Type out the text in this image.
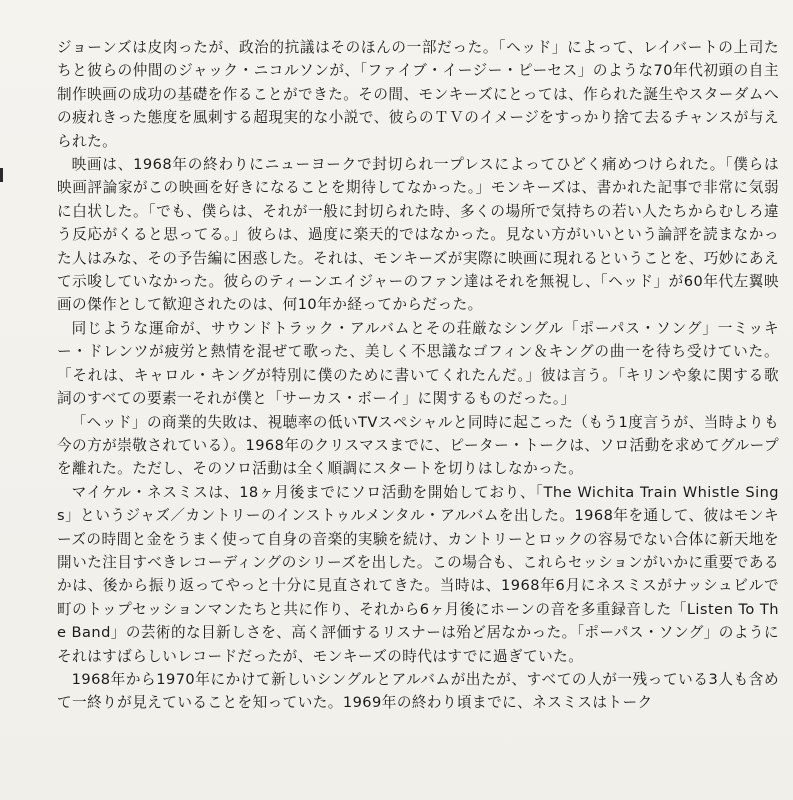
ジョーンズは皮肉ったが、政治的抗議はそのほんの一部だった。「ヘッド」によって、レイバートの上司たちと彼らの仲間のジャック・ニコルソンが、「ファイブ・イージー・ピーセス」のような70年代初頭の自主制作映画の成功の基礎を作ることができた。その間、モンキーズにとっては、作られた誕生やスターダムへの疲れきった態度を風刺する超現実的な小説で、彼らのＴＶのイメージをすっかり捨て去るチャンスが与えられた。

映画は、1968年の終わりにニューヨークで封切られ一プレスによってひどく痛めつけられた。「僕らは映画評論家がこの映画を好きになることを期待してなかった。」モンキーズは、書かれた記事で非常に気弱に白状した。「でも、僕らは、それが一般に封切られた時、多くの場所で気持ちの若い人たちからむしろ違う反応がくると思ってる。」彼らは、過度に楽天的ではなかった。見ない方がいいという論評を読まなかった人はみな、その予告編に困惑した。それは、モンキーズが実際に映画に現れるということを、巧妙にあえて示唆していなかった。彼らのティーンエイジャーのファン達はそれを無視し、「ヘッド」が60年代左翼映画の傑作として歓迎されたのは、何10年か経ってからだった。

同じような運命が、サウンドトラック・アルバムとその荘厳なシングル「ポーパス・ソング」一ミッキー・ドレンツが疲労と熱情を混ぜて歌った、美しく不思議なゴフィン＆キングの曲一を待ち受けていた。「それは、キャロル・キングが特別に僕のために書いてくれたんだ。」彼は言う。「キリンや象に関する歌詞のすべての要素一それが僕と「サーカス・ボーイ」に関するものだった。」

「ヘッド」の商業的失敗は、視聴率の低いTVスペシャルと同時に起こった（もう1度言うが、当時よりも今の方が崇敬されている）。1968年のクリスマスまでに、ピーター・トークは、ソロ活動を求めてグループを離れた。ただし、そのソロ活動は全く順調にスタートを切りはしなかった。

マイケル・ネスミスは、18ヶ月後までにソロ活動を開始しており、「The Wichita Train Whistle Sings」というジャズ／カントリーのインストゥルメンタル・アルバムを出した。1968年を通して、彼はモンキーズの時間と金をうまく使って自身の音楽的実験を続け、カントリーとロックの容易でない合体に新天地を開いた注目すべきレコーディングのシリーズを出した。この場合も、これらセッションがいかに重要であるかは、後から振り返ってやっと十分に見直されてきた。当時は、1968年6月にネスミスがナッシュビルで町のトップセッションマンたちと共に作り、それから6ヶ月後にホーンの音を多重録音した「Listen To The Band」の芸術的な目新しさを、高く評価するリスナーは殆ど居なかった。「ポーパス・ソング」のようにそれはすばらしいレコードだったが、モンキーズの時代はすでに過ぎていた。

1968年から1970年にかけて新しいシングルとアルバムが出たが、すべての人が一残っている3人も含めて一終りが見えていることを知っていた。1969年の終わり頃までに、ネスミスはトーク
